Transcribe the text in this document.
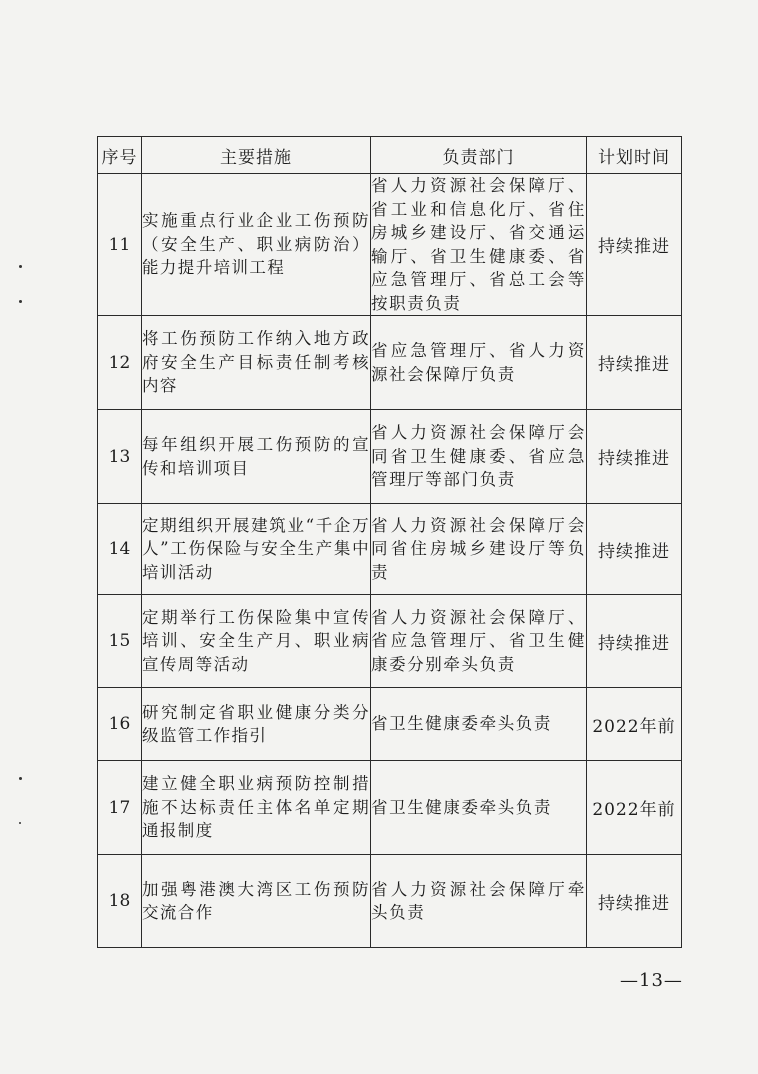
序号	主要措施	负责部门	计划时间
11	实施重点行业企业工伤预防（安全生产、职业病防治）能力提升培训工程	省人力资源社会保障厅、省工业和信息化厅、省住房城乡建设厅、省交通运输厅、省卫生健康委、省应急管理厅、省总工会等按职责负责	持续推进
12	将工伤预防工作纳入地方政府安全生产目标责任制考核内容	省应急管理厅、省人力资源社会保障厅负责	持续推进
13	每年组织开展工伤预防的宣传和培训项目	省人力资源社会保障厅会同省卫生健康委、省应急管理厅等部门负责	持续推进
14	定期组织开展建筑业“千企万人”工伤保险与安全生产集中培训活动	省人力资源社会保障厅会同省住房城乡建设厅等负责	持续推进
15	定期举行工伤保险集中宣传培训、安全生产月、职业病宣传周等活动	省人力资源社会保障厅、省应急管理厅、省卫生健康委分别牵头负责	持续推进
16	研究制定省职业健康分类分级监管工作指引	省卫生健康委牵头负责	2022年前
17	建立健全职业病预防控制措施不达标责任主体名单定期通报制度	省卫生健康委牵头负责	2022年前
18	加强粤港澳大湾区工伤预防交流合作	省人力资源社会保障厅牵头负责	持续推进
—13—
